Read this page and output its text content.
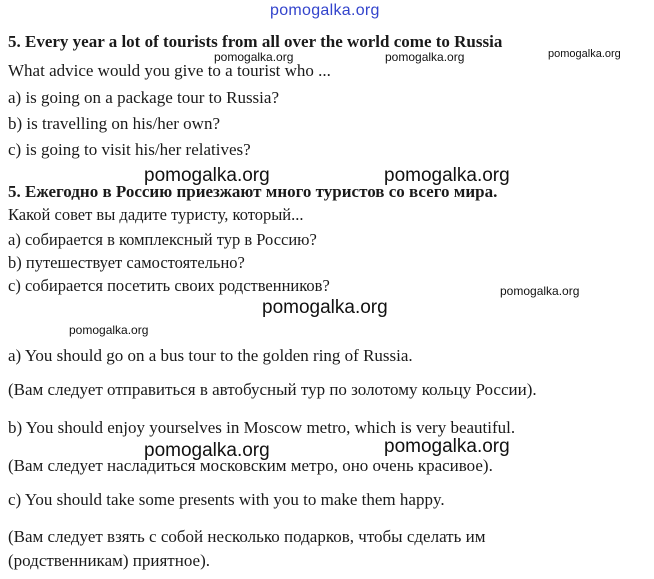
pomogalka.org
pomogalka.org	pomogalka.org	pomogalka.org
pomogalka.org	pomogalka.org
pomogalka.org
pomogalka.org
pomogalka.org
pomogalka.org	pomogalka.org
5. Every year a lot of tourists from all over the world come to Russia
What advice would you give to a tourist who ...
a) is going on a package tour to Russia?
b) is travelling on his/her own?
c) is going to visit his/her relatives?
5. Ежегодно в Россию приезжают много туристов со всего мира.
Какой совет вы дадите туристу, который...
а) собирается в комплексный тур в Россию?
b) путешествует самостоятельно?
с) собирается посетить своих родственников?
a) You should go on a bus tour to the golden ring of Russia.
(Вам следует отправиться в автобусный тур по золотому кольцу России).
b) You should enjoy yourselves in Moscow metro, which is very beautiful.
(Вам следует насладиться московским метро, оно очень красивое).
c) You should take some presents with you to make them happy.
(Вам следует взять с собой несколько подарков, чтобы сделать им
(родственникам) приятное).
